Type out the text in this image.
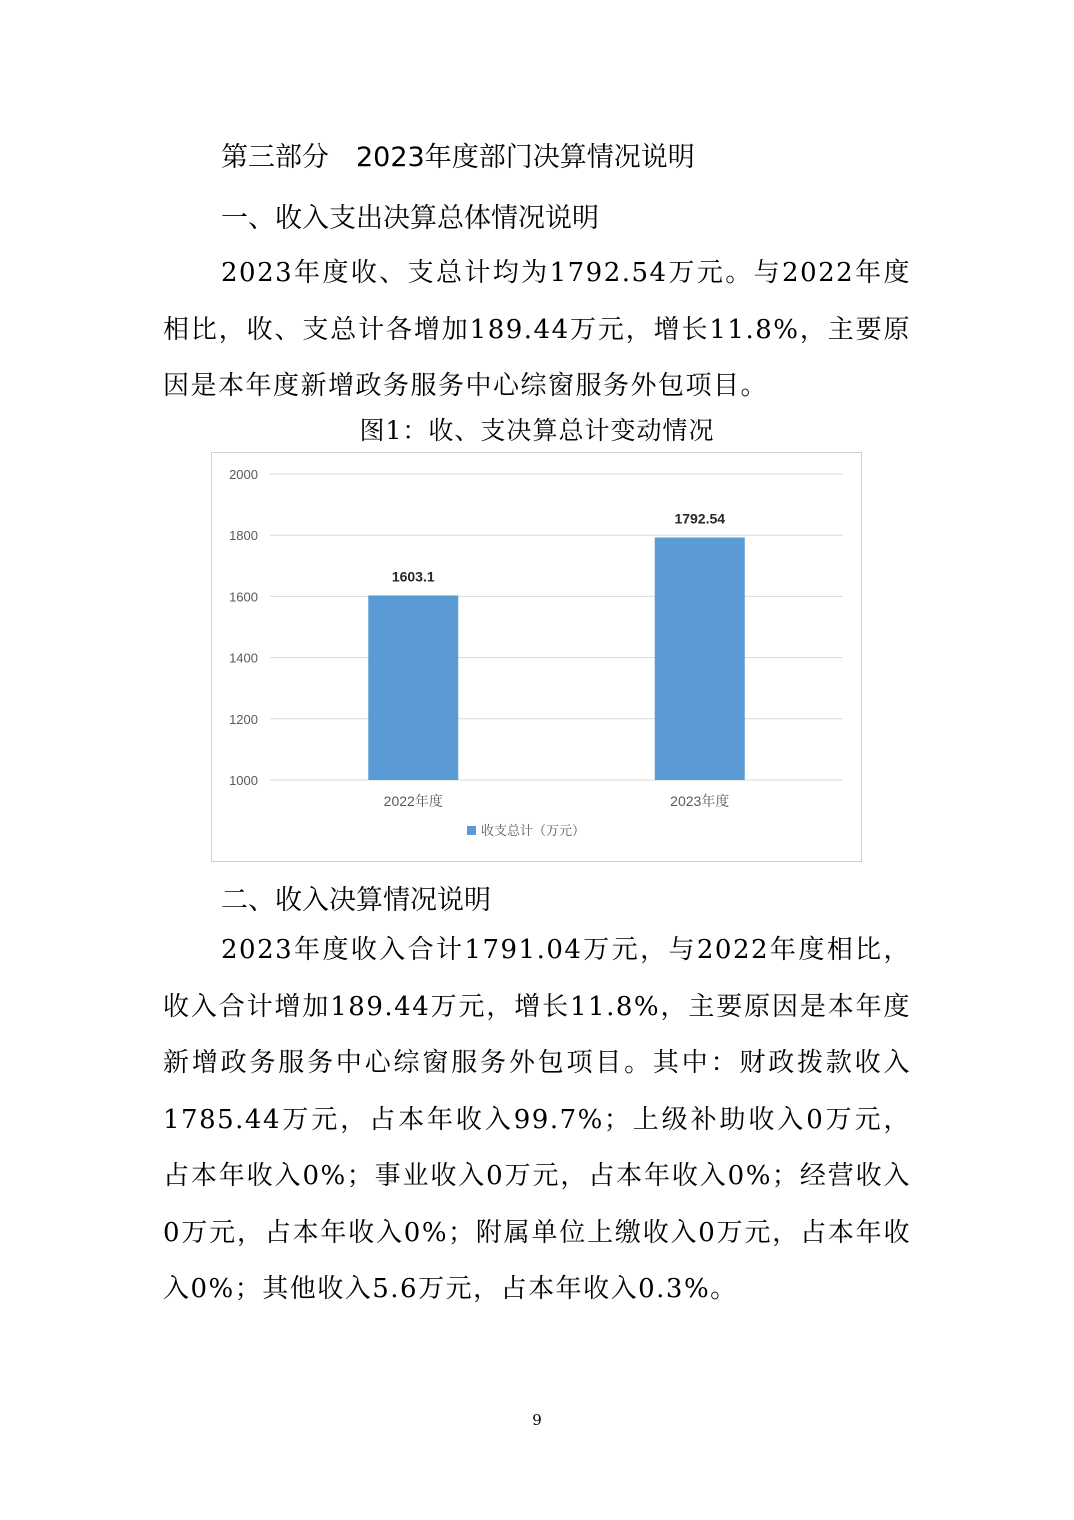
第三部分　2023年度部门决算情况说明
一、收入支出决算总体情况说明

2023年度收、支总计均为1792.54万元。与2022年度相比，收、支总计各增加189.44万元，增长11.8%，主要原因是本年度新增政务服务中心综窗服务外包项目。

图1：收、支决算总计变动情况
1000
1200
1400
1600
1800
2000
1603.1
2022年度
1792.54
2023年度
收支总计（万元）
二、收入决算情况说明

2023年度收入合计1791.04万元，与2022年度相比，收入合计增加189.44万元，增长11.8%，主要原因是本年度新增政务服务中心综窗服务外包项目。其中：财政拨款收入1785.44万元，占本年收入99.7%；上级补助收入0万元，占本年收入0%；事业收入0万元，占本年收入0%；经营收入0万元，占本年收入0%；附属单位上缴收入0万元，占本年收入0%；其他收入5.6万元，占本年收入0.3%。

9
